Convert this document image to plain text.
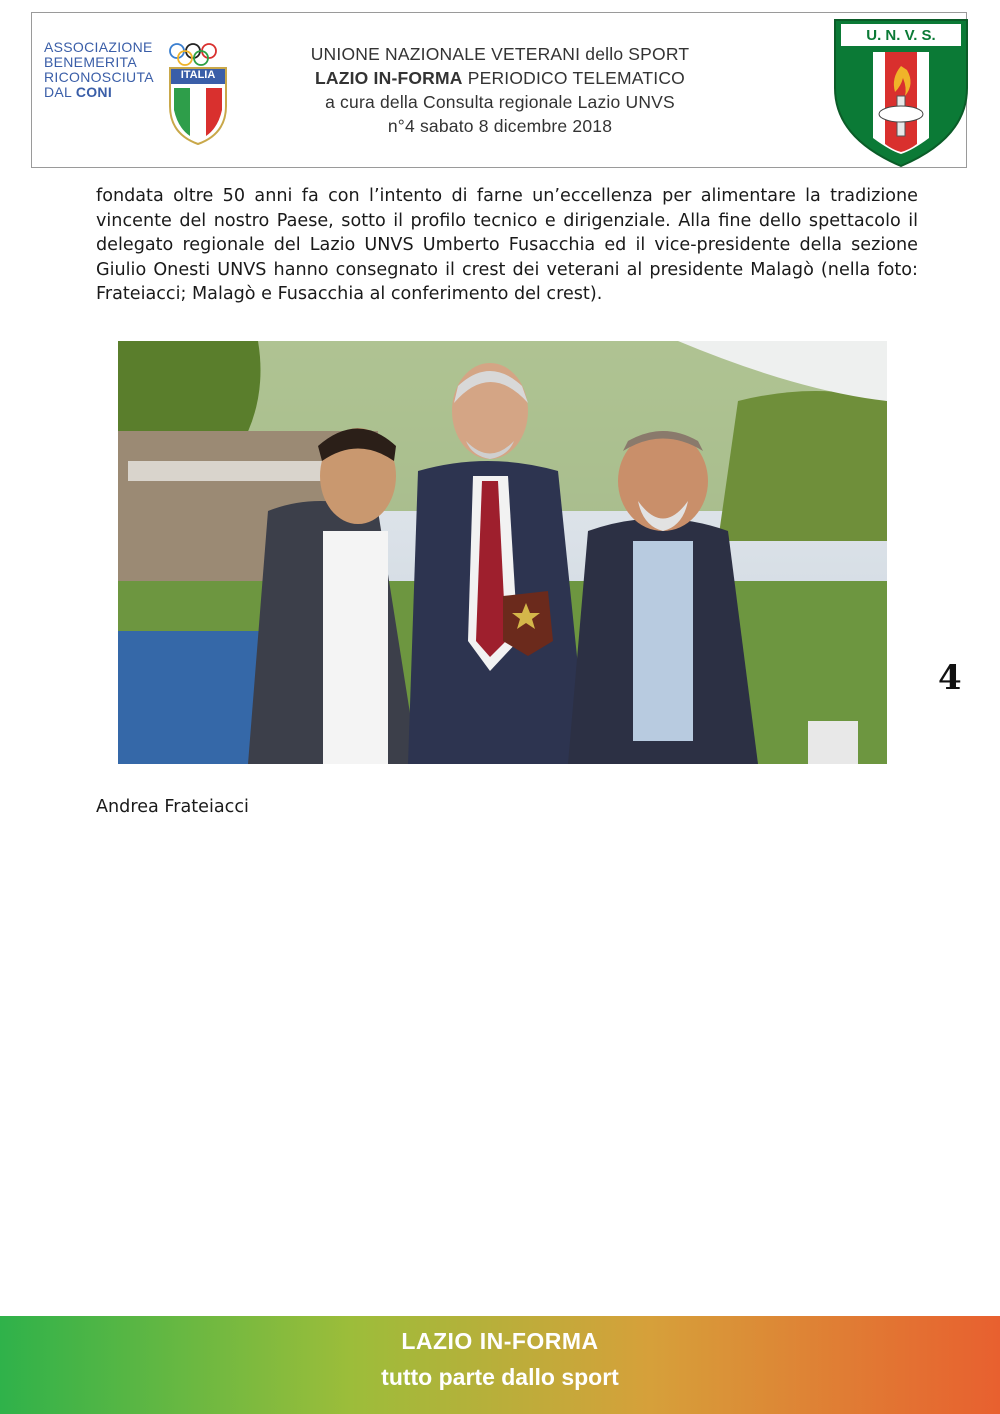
ASSOCIAZIONE
BENEMERITA
RICONOSCIUTA
DAL CONI
ITALIA
UNIONE NAZIONALE VETERANI dello SPORT
LAZIO IN-FORMA PERIODICO TELEMATICO
a cura della Consulta regionale Lazio UNVS
n°4 sabato 8 dicembre 2018
U. N. V. S.

fondata oltre 50 anni fa con l’intento di farne un’eccellenza per alimentare la tradizione vincente del nostro Paese, sotto il profilo tecnico e dirigenziale. Alla fine dello spettacolo il delegato regionale del Lazio UNVS Umberto Fusacchia ed il vice-presidente della sezione Giulio Onesti UNVS hanno consegnato il crest dei veterani al presidente Malagò (nella foto: Frateiacci; Malagò e Fusacchia al conferimento del crest).

4
Andrea Frateiacci
LAZIO IN-FORMA
tutto parte dallo sport
